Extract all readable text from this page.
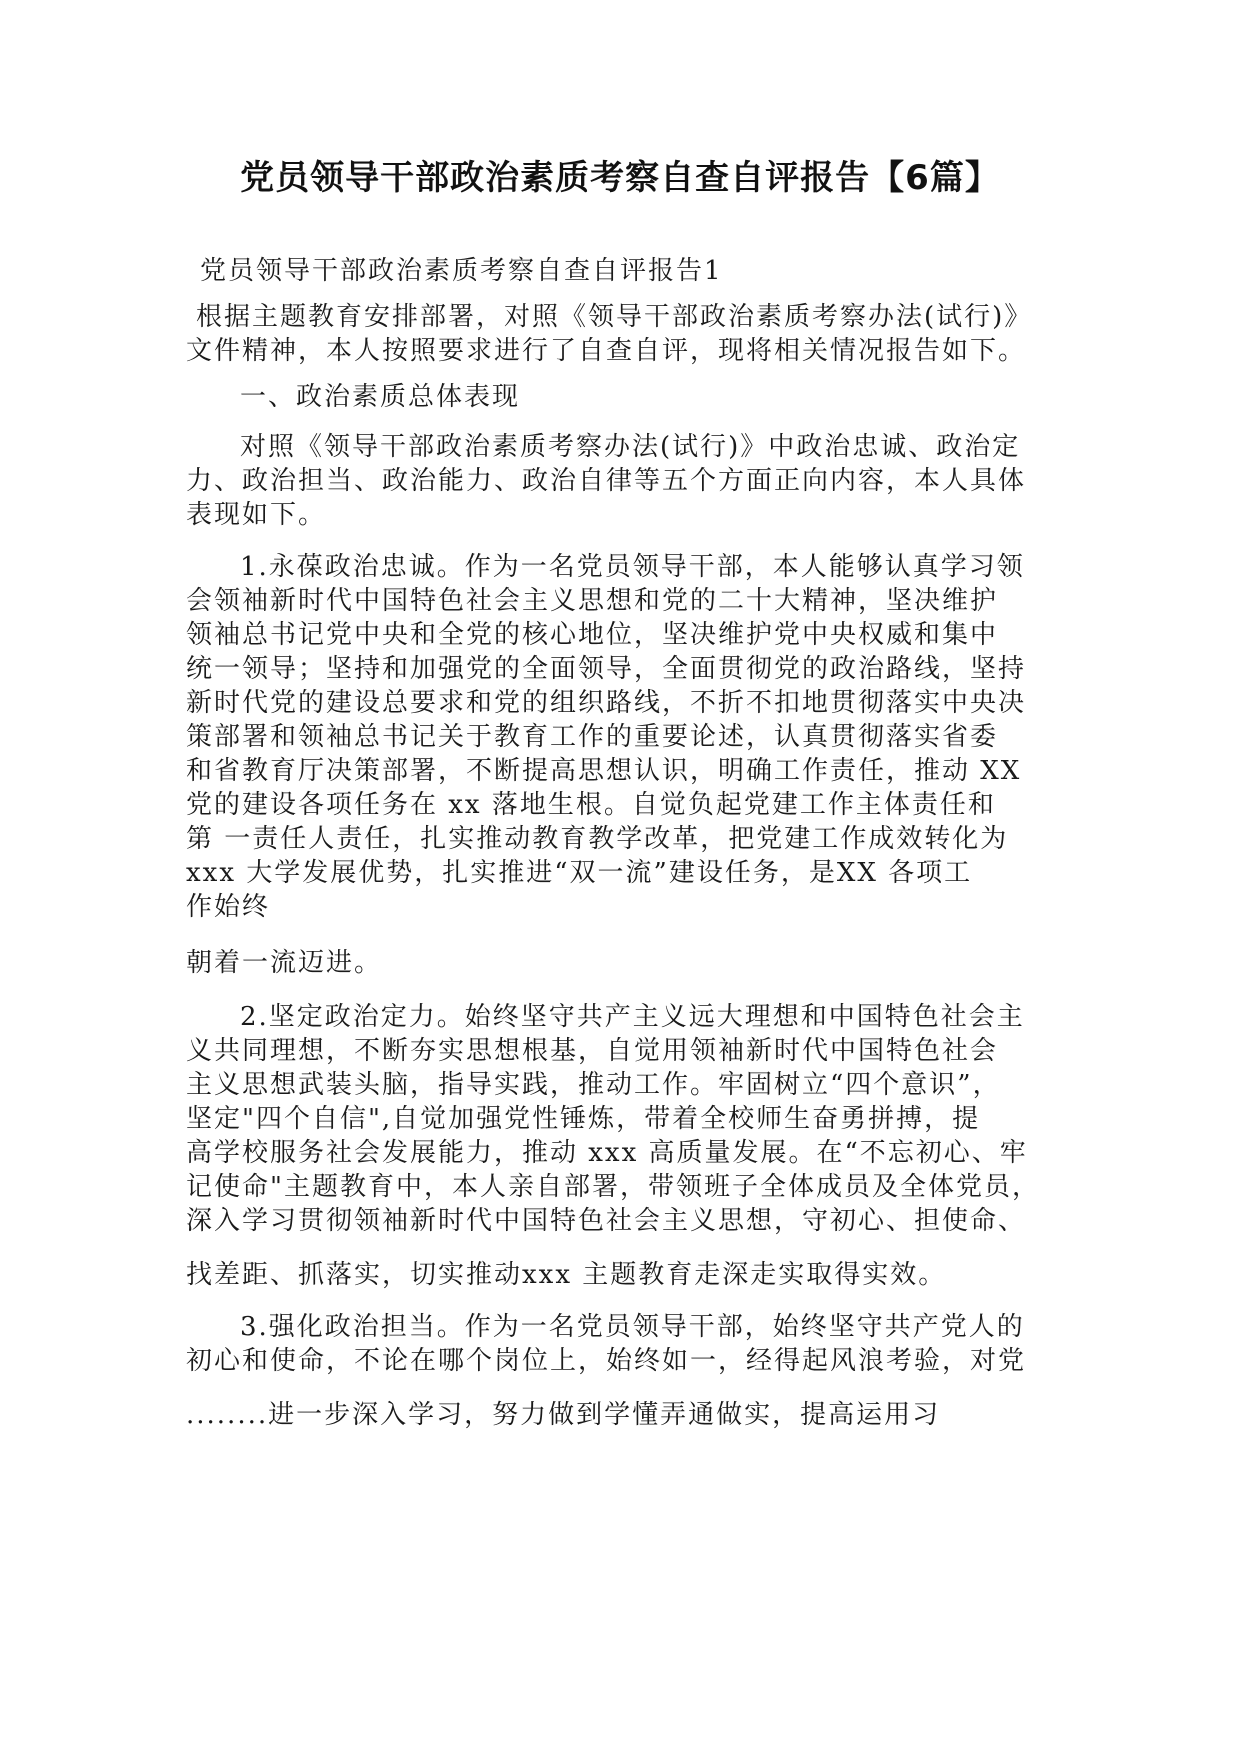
党员领导干部政治素质考察自查自评报告【6篇】
党员领导干部政治素质考察自查自评报告1
根据主题教育安排部署，对照《领导干部政治素质考察办法(试行)》
文件精神，本人按照要求进行了自查自评，现将相关情况报告如下。
一、政治素质总体表现
对照《领导干部政治素质考察办法(试行)》中政治忠诚、政治定
力、政治担当、政治能力、政治自律等五个方面正向内容，本人具体
表现如下。
1.永葆政治忠诚。作为一名党员领导干部，本人能够认真学习领
会领袖新时代中国特色社会主义思想和党的二十大精神，坚决维护
领袖总书记党中央和全党的核心地位，坚决维护党中央权威和集中
统一领导；坚持和加强党的全面领导，全面贯彻党的政治路线，坚持
新时代党的建设总要求和党的组织路线，不折不扣地贯彻落实中央决
策部署和领袖总书记关于教育工作的重要论述，认真贯彻落实省委
和省教育厅决策部署，不断提高思想认识，明确工作责任，推动 XX
党的建设各项任务在 xx 落地生根。自觉负起党建工作主体责任和
第 一责任人责任，扎实推动教育教学改革，把党建工作成效转化为
xxx 大学发展优势，扎实推进“双一流”建设任务，是XX 各项工
作始终
朝着一流迈进。
2.坚定政治定力。始终坚守共产主义远大理想和中国特色社会主
义共同理想，不断夯实思想根基，自觉用领袖新时代中国特色社会
主义思想武装头脑，指导实践，推动工作。牢固树立“四个意识”，
坚定"四个自信",自觉加强党性锤炼，带着全校师生奋勇拼搏，提
高学校服务社会发展能力，推动 xxx 高质量发展。在“不忘初心、牢
记使命"主题教育中，本人亲自部署，带领班子全体成员及全体党员，
深入学习贯彻领袖新时代中国特色社会主义思想，守初心、担使命、
找差距、抓落实，切实推动xxx 主题教育走深走实取得实效。
3.强化政治担当。作为一名党员领导干部，始终坚守共产党人的
初心和使命，不论在哪个岗位上，始终如一，经得起风浪考验，对党
........进一步深入学习，努力做到学懂弄通做实，提高运用习
